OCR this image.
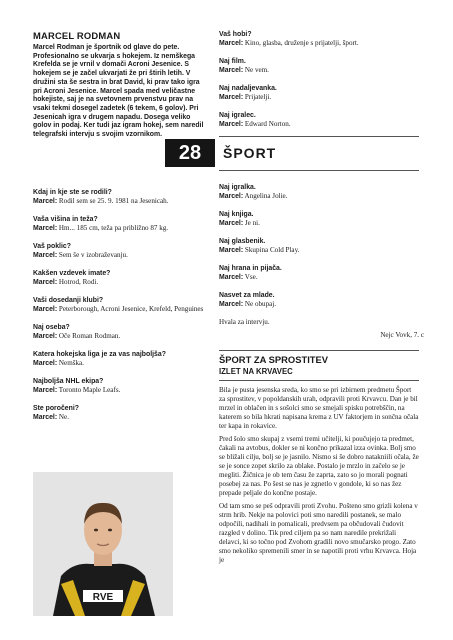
MARCEL RODMAN
Marcel Rodman je športnik od glave do pete. Profesionalno se ukvarja s hokejem. Iz nemškega Krefelda se je vrnil v domači Acroni Jesenice. S hokejem se je začel ukvarjati že pri štirih letih. V družini sta še sestra in brat David, ki prav tako igra pri Acroni Jesenice. Marcel spada med veličastne hokejiste, saj je na svetovnem prvenstvu prav na vsaki tekmi dosegel zadetek (6 tekem, 6 golov). Pri Jesenicah igra v drugem napadu. Dosega veliko golov in podaj. Ker tudi jaz igram hokej, sem naredil telegrafski intervju s svojim vzornikom.
Vaš hobi?
Marcel: Kino, glasba, druženje s prijatelji, šport.
Naj film.
Marcel: Ne vem.
Naj nadaljevanka.
Marcel: Prijatelji.
Naj igralec.
Marcel: Edward Norton.
28	ŠPORT
Kdaj in kje ste se rodili?
Marcel: Rodil sem se 25. 9. 1981 na Jesenicah.
Vaša višina in teža?
Marcel: Hm... 185 cm, teža pa približno 87 kg.
Vaš poklic?
Marcel: Sem še v izobraževanju.
Kakšen vzdevek imate?
Marcel: Hotrod, Rodi.
Vaši dosedanji klubi?
Marcel: Peterborough, Acroni Jesenice, Krefeld, Penguines
Naj oseba?
Marcel: Oče Roman Rodman.
Katera hokejska liga je za vas najboljša?
Marcel: Nemška.
Najboljša NHL ekipa?
Marcel: Toronto Maple Leafs.
Ste poročeni?
Marcel: Ne.
RVE
Naj igralka.
Marcel: Angelina Jolie.
Naj knjiga.
Marcel: Je ni.
Naj glasbenik.
Marcel: Skupina Cold Play.
Naj hrana in pijača.
Marcel: Vse.
Nasvet za mlade.
Marcel: Ne obupaj.
Hvala za intervju.
Nejc Vovk, 7. c
ŠPORT ZA SPROSTITEV
IZLET NA KRVAVEC
Bila je pusta jesenska sreda, ko smo se pri izbirnem predmetu Šport za sprostitev, v popoldanskih urah, odpravili proti Krvavcu. Dan je bil mrzel in oblačen in s sošolci smo se smejali spisku potrebščin, na katerem so bila hkrati napisana krema z UV faktorjem in sončna očala ter kapa in rokavice.
Pred šolo smo skupaj z vsemi tremi učitelji, ki poučujejo ta predmet, čakali na avtobus, dokler se ni končno prikazal izza ovinka. Bolj smo se bližali cilju, bolj se je jasnilo. Nismo si še dobro natakniili očala, že se je sonce zopet skrilo za oblake. Postalo je mrzlo in začelo se je megliti. Žičnica je ob tem času že zaprta, zato so jo morali pognati posebej za nas. Po šest se nas je zgnetlo v gondole, ki so nas žez prepade peljale do končne postaje.
Od tam smo se peš odpravili proti Zvohu. Pošteno smo grizli kolena v strm hrib. Nekje na polovici poti smo naredili postanek, se malo odpočili, nadihali in pomalicali, predvsem pa občudovali čudovit razgled v dolino. Tik pred ciljem pa so nam naredile prekrižali delavci, ki so točno pod Zvohom gradili novo smučarsko progo. Zato smo nekoliko spremenili smer in se napotili proti vrhu Krvavca. Hoja je
